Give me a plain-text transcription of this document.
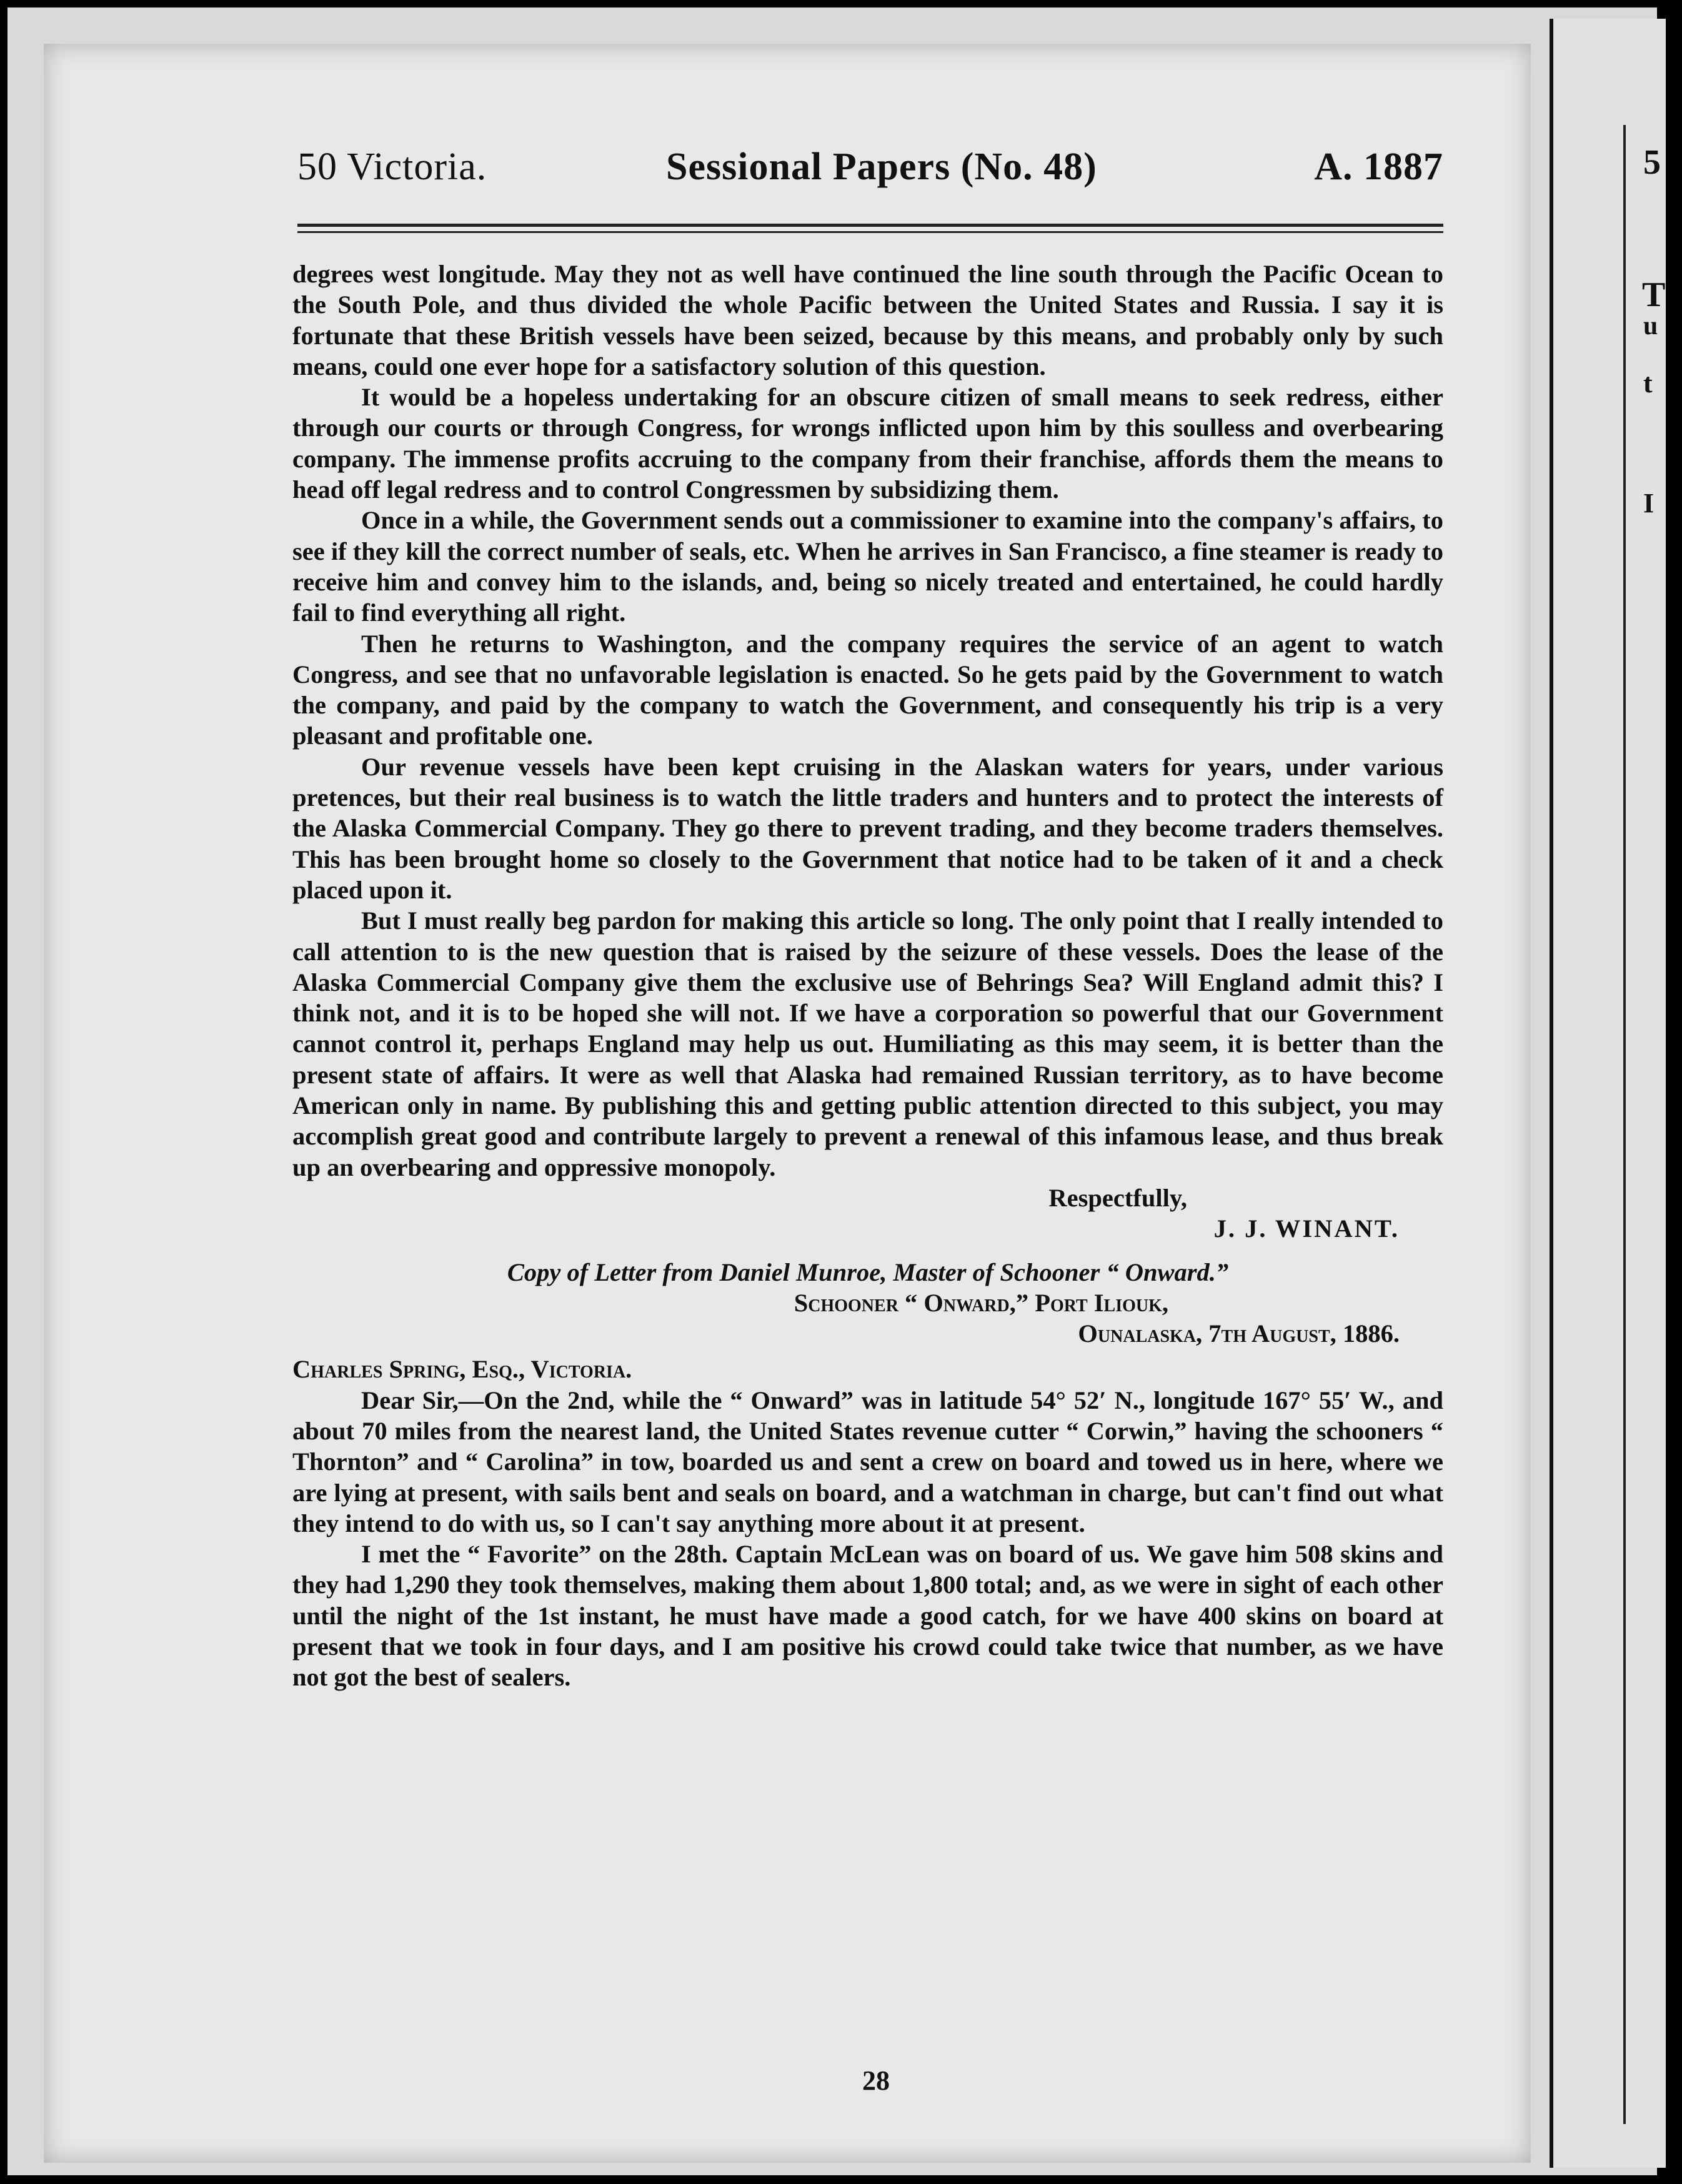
5
T
u
t
I
50 Victoria.	Sessional Papers (No. 48)	A. 1887

degrees west longitude. May they not as well have continued the line south through the Pacific Ocean to the South Pole, and thus divided the whole Pacific between the United States and Russia. I say it is fortunate that these British vessels have been seized, because by this means, and probably only by such means, could one ever hope for a satisfactory solution of this question.

It would be a hopeless undertaking for an obscure citizen of small means to seek redress, either through our courts or through Congress, for wrongs inflicted upon him by this soulless and overbearing company. The immense profits accruing to the company from their franchise, affords them the means to head off legal redress and to control Congressmen by subsidizing them.

Once in a while, the Government sends out a commissioner to examine into the company's affairs, to see if they kill the correct number of seals, etc. When he arrives in San Francisco, a fine steamer is ready to receive him and convey him to the islands, and, being so nicely treated and entertained, he could hardly fail to find everything all right.

Then he returns to Washington, and the company requires the service of an agent to watch Congress, and see that no unfavorable legislation is enacted. So he gets paid by the Government to watch the company, and paid by the company to watch the Government, and consequently his trip is a very pleasant and profitable one.

Our revenue vessels have been kept cruising in the Alaskan waters for years, under various pretences, but their real business is to watch the little traders and hunters and to protect the interests of the Alaska Commercial Company. They go there to prevent trading, and they become traders themselves. This has been brought home so closely to the Government that notice had to be taken of it and a check placed upon it.

But I must really beg pardon for making this article so long. The only point that I really intended to call attention to is the new question that is raised by the seizure of these vessels. Does the lease of the Alaska Commercial Company give them the exclusive use of Behrings Sea? Will England admit this? I think not, and it is to be hoped she will not. If we have a corporation so powerful that our Government cannot control it, perhaps England may help us out. Humiliating as this may seem, it is better than the present state of affairs. It were as well that Alaska had remained Russian territory, as to have become American only in name. By publishing this and getting public attention directed to this subject, you may accomplish great good and contribute largely to prevent a renewal of this infamous lease, and thus break up an overbearing and oppressive monopoly.

Respectfully,

J. J. WINANT.

Copy of Letter from Daniel Munroe, Master of Schooner “ Onward.”

Schooner “ Onward,” Port Iliouk,

Ounalaska, 7th August, 1886.

Charles Spring, Esq., Victoria.

Dear Sir,—On the 2nd, while the “ Onward” was in latitude 54° 52′ N., longitude 167° 55′ W., and about 70 miles from the nearest land, the United States revenue cutter “ Corwin,” having the schooners “ Thornton” and “ Carolina” in tow, boarded us and sent a crew on board and towed us in here, where we are lying at present, with sails bent and seals on board, and a watchman in charge, but can't find out what they intend to do with us, so I can't say anything more about it at present.

I met the “ Favorite” on the 28th. Captain McLean was on board of us. We gave him 508 skins and they had 1,290 they took themselves, making them about 1,800 total; and, as we were in sight of each other until the night of the 1st instant, he must have made a good catch, for we have 400 skins on board at present that we took in four days, and I am positive his crowd could take twice that number, as we have not got the best of sealers.

28
